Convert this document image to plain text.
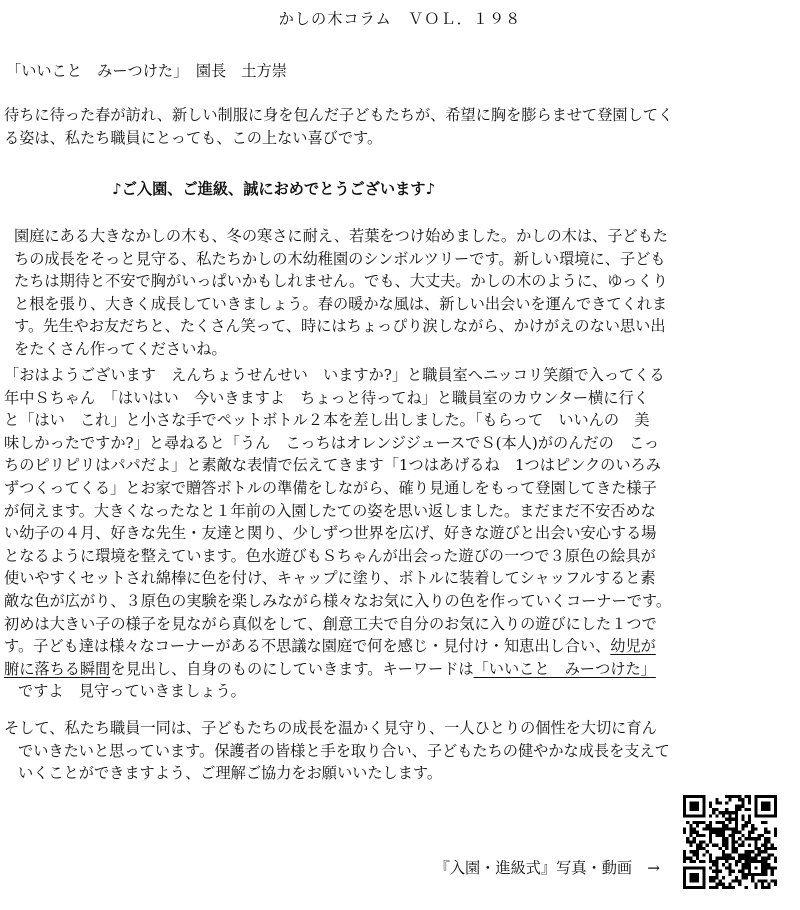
かしの木コラム　ＶＯＬ．１９８
「いいこと　みーつけた」　園長　土方崇
待ちに待った春が訪れ、新しい制服に身を包んだ子どもたちが、希望に胸を膨らませて登園してく
る姿は、私たち職員にとっても、この上ない喜びです。
♪ご入園、ご進級、誠におめでとうございます♪
園庭にある大きなかしの木も、冬の寒さに耐え、若葉をつけ始めました。かしの木は、子どもた
ちの成長をそっと見守る、私たちかしの木幼稚園のシンボルツリーです。新しい環境に、子ども
たちは期待と不安で胸がいっぱいかもしれません。でも、大丈夫。かしの木のように、ゆっくり
と根を張り、大きく成長していきましょう。春の暖かな風は、新しい出会いを運んできてくれま
す。先生やお友だちと、たくさん笑って、時にはちょっぴり涙しながら、かけがえのない思い出
をたくさん作ってくださいね。
「おはようございます　えんちょうせんせい　いますか?」と職員室へニッコリ笑顔で入ってくる
年中Ｓちゃん　「はいはい　今いきますよ　ちょっと待ってね」と職員室のカウンター横に行く
と「はい　これ」と小さな手でペットボトル２本を差し出しました。「もらって　いいんの　美
味しかったですか?」と尋ねると「うん　こっちはオレンジジュースでＳ(本人)がのんだの　こっ
ちのピリピリはパパだよ」と素敵な表情で伝えてきます「1つはあげるね　1つはピンクのいろみ
ずつくってくる」とお家で贈答ボトルの準備をしながら、確り見通しをもって登園してきた様子
が伺えます。大きくなったなと１年前の入園したての姿を思い返しました。まだまだ不安否めな
い幼子の４月、好きな先生・友達と関り、少しずつ世界を広げ、好きな遊びと出会い安心する場
となるように環境を整えています。色水遊びもＳちゃんが出会った遊びの一つで３原色の絵具が
使いやすくセットされ綿棒に色を付け、キャップに塗り、ボトルに装着してシャッフルすると素
敵な色が広がり、３原色の実験を楽しみながら様々なお気に入りの色を作っていくコーナーです。
初めは大きい子の様子を見ながら真似をして、創意工夫で自分のお気に入りの遊びにした１つで
す。子ども達は様々なコーナーがある不思議な園庭で何を感じ・見付け・知恵出し合い、幼児が
腑に落ちる瞬間を見出し、自身のものにしていきます。キーワードは「いいこと　みーつけた」
ですよ　見守っていきましょう。
そして、私たち職員一同は、子どもたちの成長を温かく見守り、一人ひとりの個性を大切に育ん
でいきたいと思っています。保護者の皆様と手を取り合い、子どもたちの健やかな成長を支えて
いくことができますよう、ご理解ご協力をお願いいたします。
『入園・進級式』写真・動画　→
